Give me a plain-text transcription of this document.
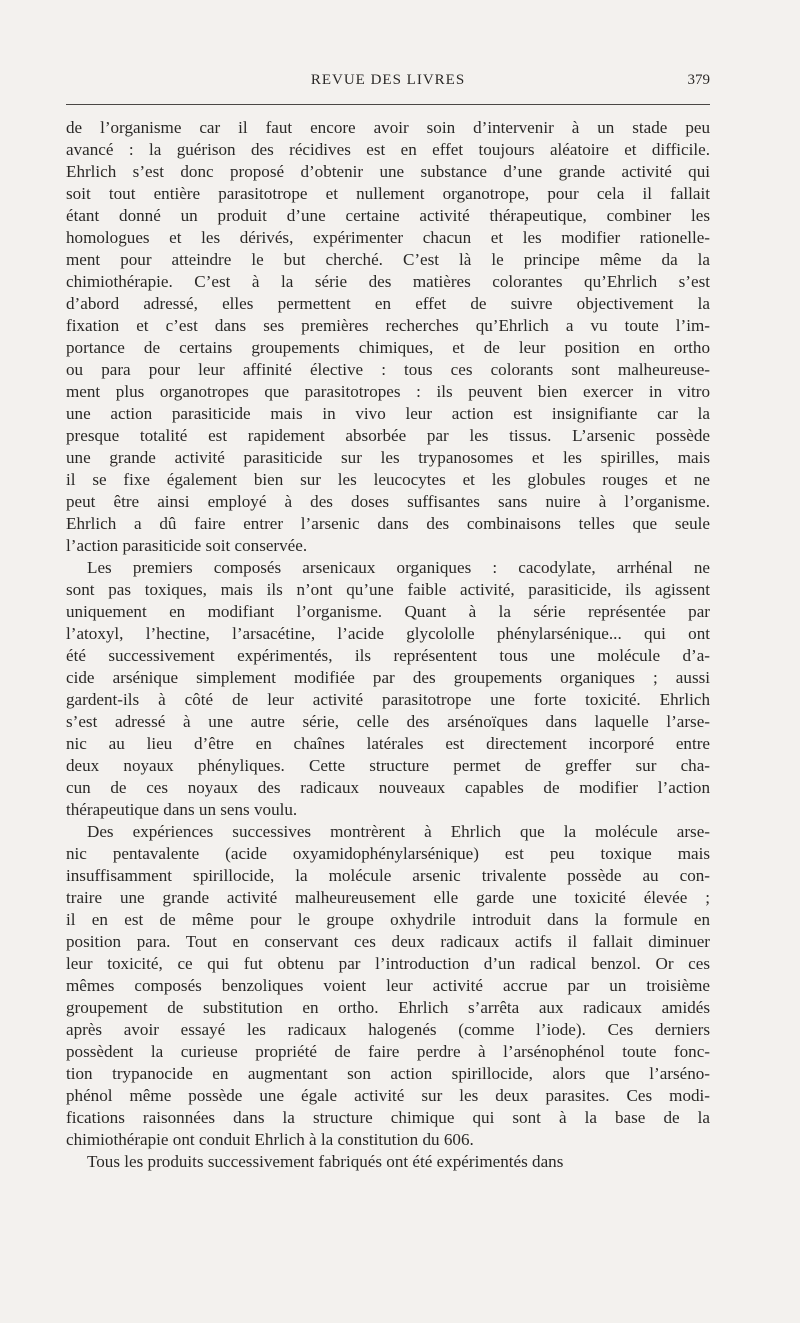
REVUE DES LIVRES	379
de l’organisme car il faut encore avoir soin d’intervenir à un stade peu
avancé : la guérison des récidives est en effet toujours aléatoire et difficile.
Ehrlich s’est donc proposé d’obtenir une substance d’une grande activité qui
soit tout entière parasitotrope et nullement organotrope, pour cela il fallait
étant donné un produit d’une certaine activité thérapeutique, combiner les
homologues et les dérivés, expérimenter chacun et les modifier rationelle-
ment pour atteindre le but cherché. C’est là le principe même da la
chimiothérapie. C’est à la série des matières colorantes qu’Ehrlich s’est
d’abord adressé, elles permettent en effet de suivre objectivement la
fixation et c’est dans ses premières recherches qu’Ehrlich a vu toute l’im-
portance de certains groupements chimiques, et de leur position en ortho
ou para pour leur affinité élective : tous ces colorants sont malheureuse-
ment plus organotropes que parasitotropes : ils peuvent bien exercer in vitro
une action parasiticide mais in vivo leur action est insignifiante car la
presque totalité est rapidement absorbée par les tissus. L’arsenic possède
une grande activité parasiticide sur les trypanosomes et les spirilles, mais
il se fixe également bien sur les leucocytes et les globules rouges et ne
peut être ainsi employé à des doses suffisantes sans nuire à l’organisme.
Ehrlich a dû faire entrer l’arsenic dans des combinaisons telles que seule
l’action parasiticide soit conservée.
Les premiers composés arsenicaux organiques : cacodylate, arrhénal ne
sont pas toxiques, mais ils n’ont qu’une faible activité, parasiticide, ils agissent
uniquement en modifiant l’organisme. Quant à la série représentée par
l’atoxyl, l’hectine, l’arsacétine, l’acide glycololle phénylarsénique... qui ont
été successivement expérimentés, ils représentent tous une molécule d’a-
cide arsénique simplement modifiée par des groupements organiques ; aussi
gardent-ils à côté de leur activité parasitotrope une forte toxicité. Ehrlich
s’est adressé à une autre série, celle des arsénoïques dans laquelle l’arse-
nic au lieu d’être en chaînes latérales est directement incorporé entre
deux noyaux phényliques. Cette structure permet de greffer sur cha-
cun de ces noyaux des radicaux nouveaux capables de modifier l’action
thérapeutique dans un sens voulu.
Des expériences successives montrèrent à Ehrlich que la molécule arse-
nic pentavalente (acide oxyamidophénylarsénique) est peu toxique mais
insuffisamment spirillocide, la molécule arsenic trivalente possède au con-
traire une grande activité malheureusement elle garde une toxicité élevée ;
il en est de même pour le groupe oxhydrile introduit dans la formule en
position para. Tout en conservant ces deux radicaux actifs il fallait diminuer
leur toxicité, ce qui fut obtenu par l’introduction d’un radical benzol. Or ces
mêmes composés benzoliques voient leur activité accrue par un troisième
groupement de substitution en ortho. Ehrlich s’arrêta aux radicaux amidés
après avoir essayé les radicaux halogenés (comme l’iode). Ces derniers
possèdent la curieuse propriété de faire perdre à l’arsénophénol toute fonc-
tion trypanocide en augmentant son action spirillocide, alors que l’arséno-
phénol même possède une égale activité sur les deux parasites. Ces modi-
fications raisonnées dans la structure chimique qui sont à la base de la
chimiothérapie ont conduit Ehrlich à la constitution du 606.
Tous les produits successivement fabriqués ont été expérimentés dans
